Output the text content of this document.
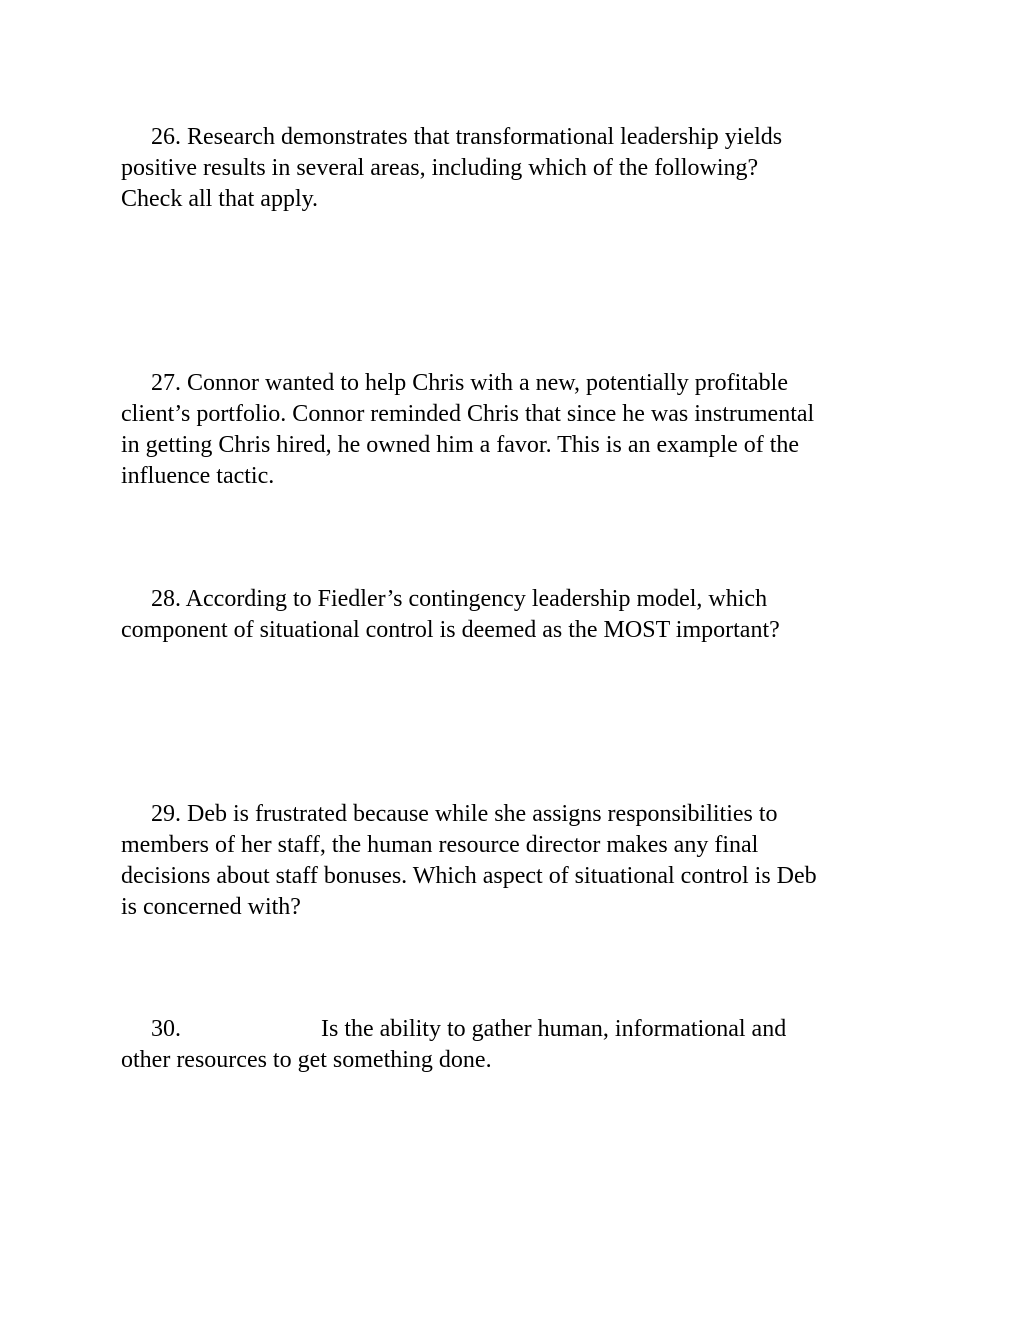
26. Research demonstrates that transformational leadership yields
positive results in several areas, including which of the following?
Check all that apply.
27. Connor wanted to help Chris with a new, potentially profitable
client’s portfolio. Connor reminded Chris that since he was instrumental
in getting Chris hired, he owned him a favor. This is an example of the
influence tactic.
28. According to Fiedler’s contingency leadership model, which
component of situational control is deemed as the MOST important?
29. Deb is frustrated because while she assigns responsibilities to
members of her staff, the human resource director makes any final
decisions about staff bonuses. Which aspect of situational control is Deb
is concerned with?
30.	Is the ability to gather human, informational and
other resources to get something done.
